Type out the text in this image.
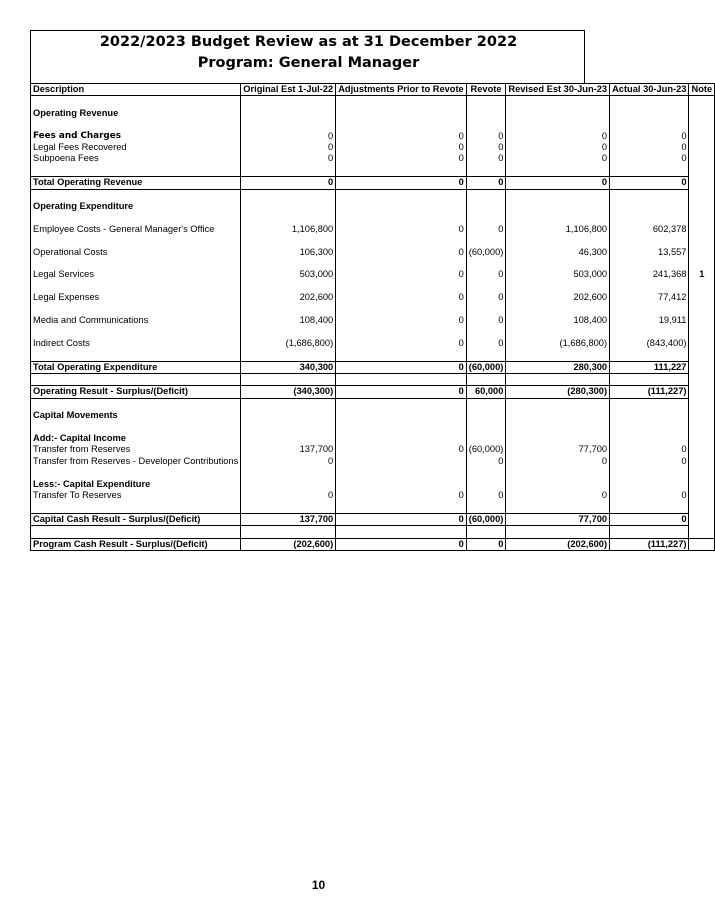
2022/2023 Budget Review as at 31 December 2022
Program: General Manager
Description	Original Est 1-Jul-22	Adjustments Prior to Revote	Revote	Revised Est 30-Jun-23	Actual 30-Jun-23	Note

Operating Revenue						

Fees and Charges	0	0	0	0	0	
Legal Fees Recovered	0	0	0	0	0	
Subpoena Fees	0	0	0	0	0	

Total Operating Revenue	0	0	0	0	0	

Operating Expenditure						

Employee Costs - General Manager's Office	1,106,800	0	0	1,106,800	602,378	

Operational Costs	106,300	0	(60,000)	46,300	13,557	

Legal Services	503,000	0	0	503,000	241,368	1

Legal Expenses	202,600	0	0	202,600	77,412	

Media and Communications	108,400	0	0	108,400	19,911	

Indirect Costs	(1,686,800)	0	0	(1,686,800)	(843,400)	

Total Operating Expenditure	340,300	0	(60,000)	280,300	111,227	

Operating Result - Surplus/(Deficit)	(340,300)	0	60,000	(280,300)	(111,227)	

Capital Movements						

Add:- Capital Income						
Transfer from Reserves	137,700	0	(60,000)	77,700	0	
Transfer from Reserves - Developer Contributions	0		0	0	0	

Less:- Capital Expenditure						
Transfer To Reserves	0	0	0	0	0	

Capital Cash Result - Surplus/(Deficit)	137,700	0	(60,000)	77,700	0	

Program Cash Result - Surplus/(Deficit)	(202,600)	0	0	(202,600)	(111,227)	
10
